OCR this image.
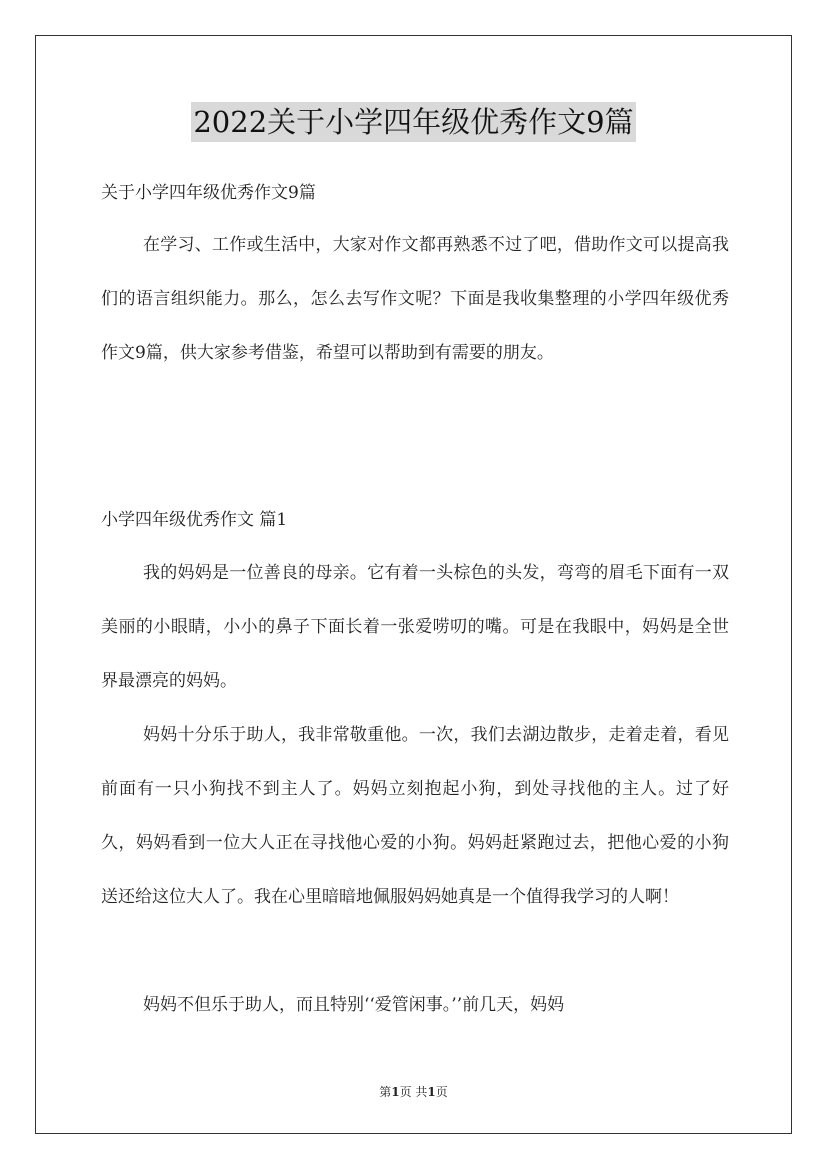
2022关于小学四年级优秀作文9篇
关于小学四年级优秀作文9篇

在学习、工作或生活中，大家对作文都再熟悉不过了吧，借助作文可以提高我们的语言组织能力。那么，怎么去写作文呢？下面是我收集整理的小学四年级优秀作文9篇，供大家参考借鉴，希望可以帮助到有需要的朋友。

小学四年级优秀作文 篇1

我的妈妈是一位善良的母亲。它有着一头棕色的头发，弯弯的眉毛下面有一双美丽的小眼睛，小小的鼻子下面长着一张爱唠叨的嘴。可是在我眼中，妈妈是全世界最漂亮的妈妈。

妈妈十分乐于助人，我非常敬重他。一次，我们去湖边散步，走着走着，看见前面有一只小狗找不到主人了。妈妈立刻抱起小狗，到处寻找他的主人。过了好久，妈妈看到一位大人正在寻找他心爱的小狗。妈妈赶紧跑过去，把他心爱的小狗送还给这位大人了。我在心里暗暗地佩服妈妈她真是一个值得我学习的人啊！

妈妈不但乐于助人，而且特别‘‘爱管闲事。’’前几天，妈妈

第1页 共1页
